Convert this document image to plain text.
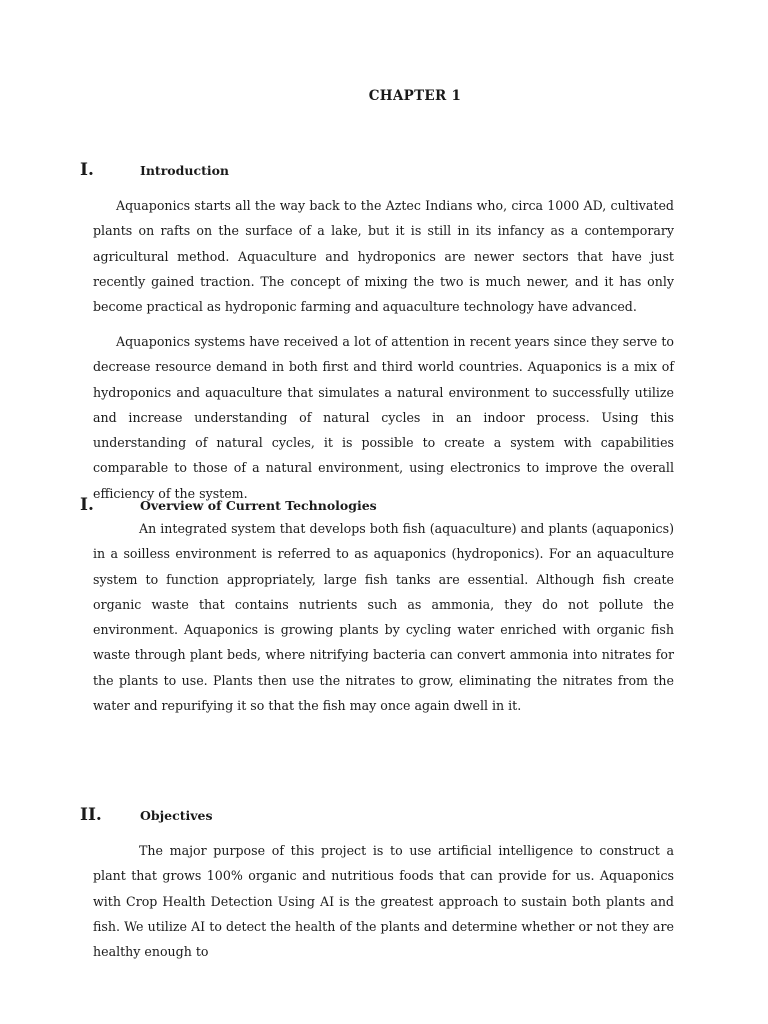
CHAPTER 1
I.	Introduction

Aquaponics starts all the way back to the Aztec Indians who, circa 1000 AD, cultivated plants on rafts on the surface of a lake, but it is still in its infancy as a contemporary agricultural method. Aquaculture and hydroponics are newer sectors that have just recently gained traction. The concept of mixing the two is much newer, and it has only become practical as hydroponic farming and aquaculture technology have advanced.

Aquaponics systems have received a lot of attention in recent years since they serve to decrease resource demand in both first and third world countries. Aquaponics is a mix of hydroponics and aquaculture that simulates a natural environment to successfully utilize and increase understanding of natural cycles in an indoor process. Using this understanding of natural cycles, it is possible to create a system with capabilities comparable to those of a natural environment, using electronics to improve the overall efficiency of the system.

I.	Overview of Current Technologies

An integrated system that develops both fish (aquaculture) and plants (aquaponics) in a soilless environment is referred to as aquaponics (hydroponics). For an aquaculture system to function appropriately, large fish tanks are essential. Although fish create organic waste that contains nutrients such as ammonia, they do not pollute the environment. Aquaponics is growing plants by cycling water enriched with organic fish waste through plant beds, where nitrifying bacteria can convert ammonia into nitrates for the plants to use. Plants then use the nitrates to grow, eliminating the nitrates from the water and repurifying it so that the fish may once again dwell in it.

II.	Objectives

The major purpose of this project is to use artificial intelligence to construct a plant that grows 100% organic and nutritious foods that can provide for us. Aquaponics with Crop Health Detection Using AI is the greatest approach to sustain both plants and fish. We utilize AI to detect the health of the plants and determine whether or not they are healthy enough to
